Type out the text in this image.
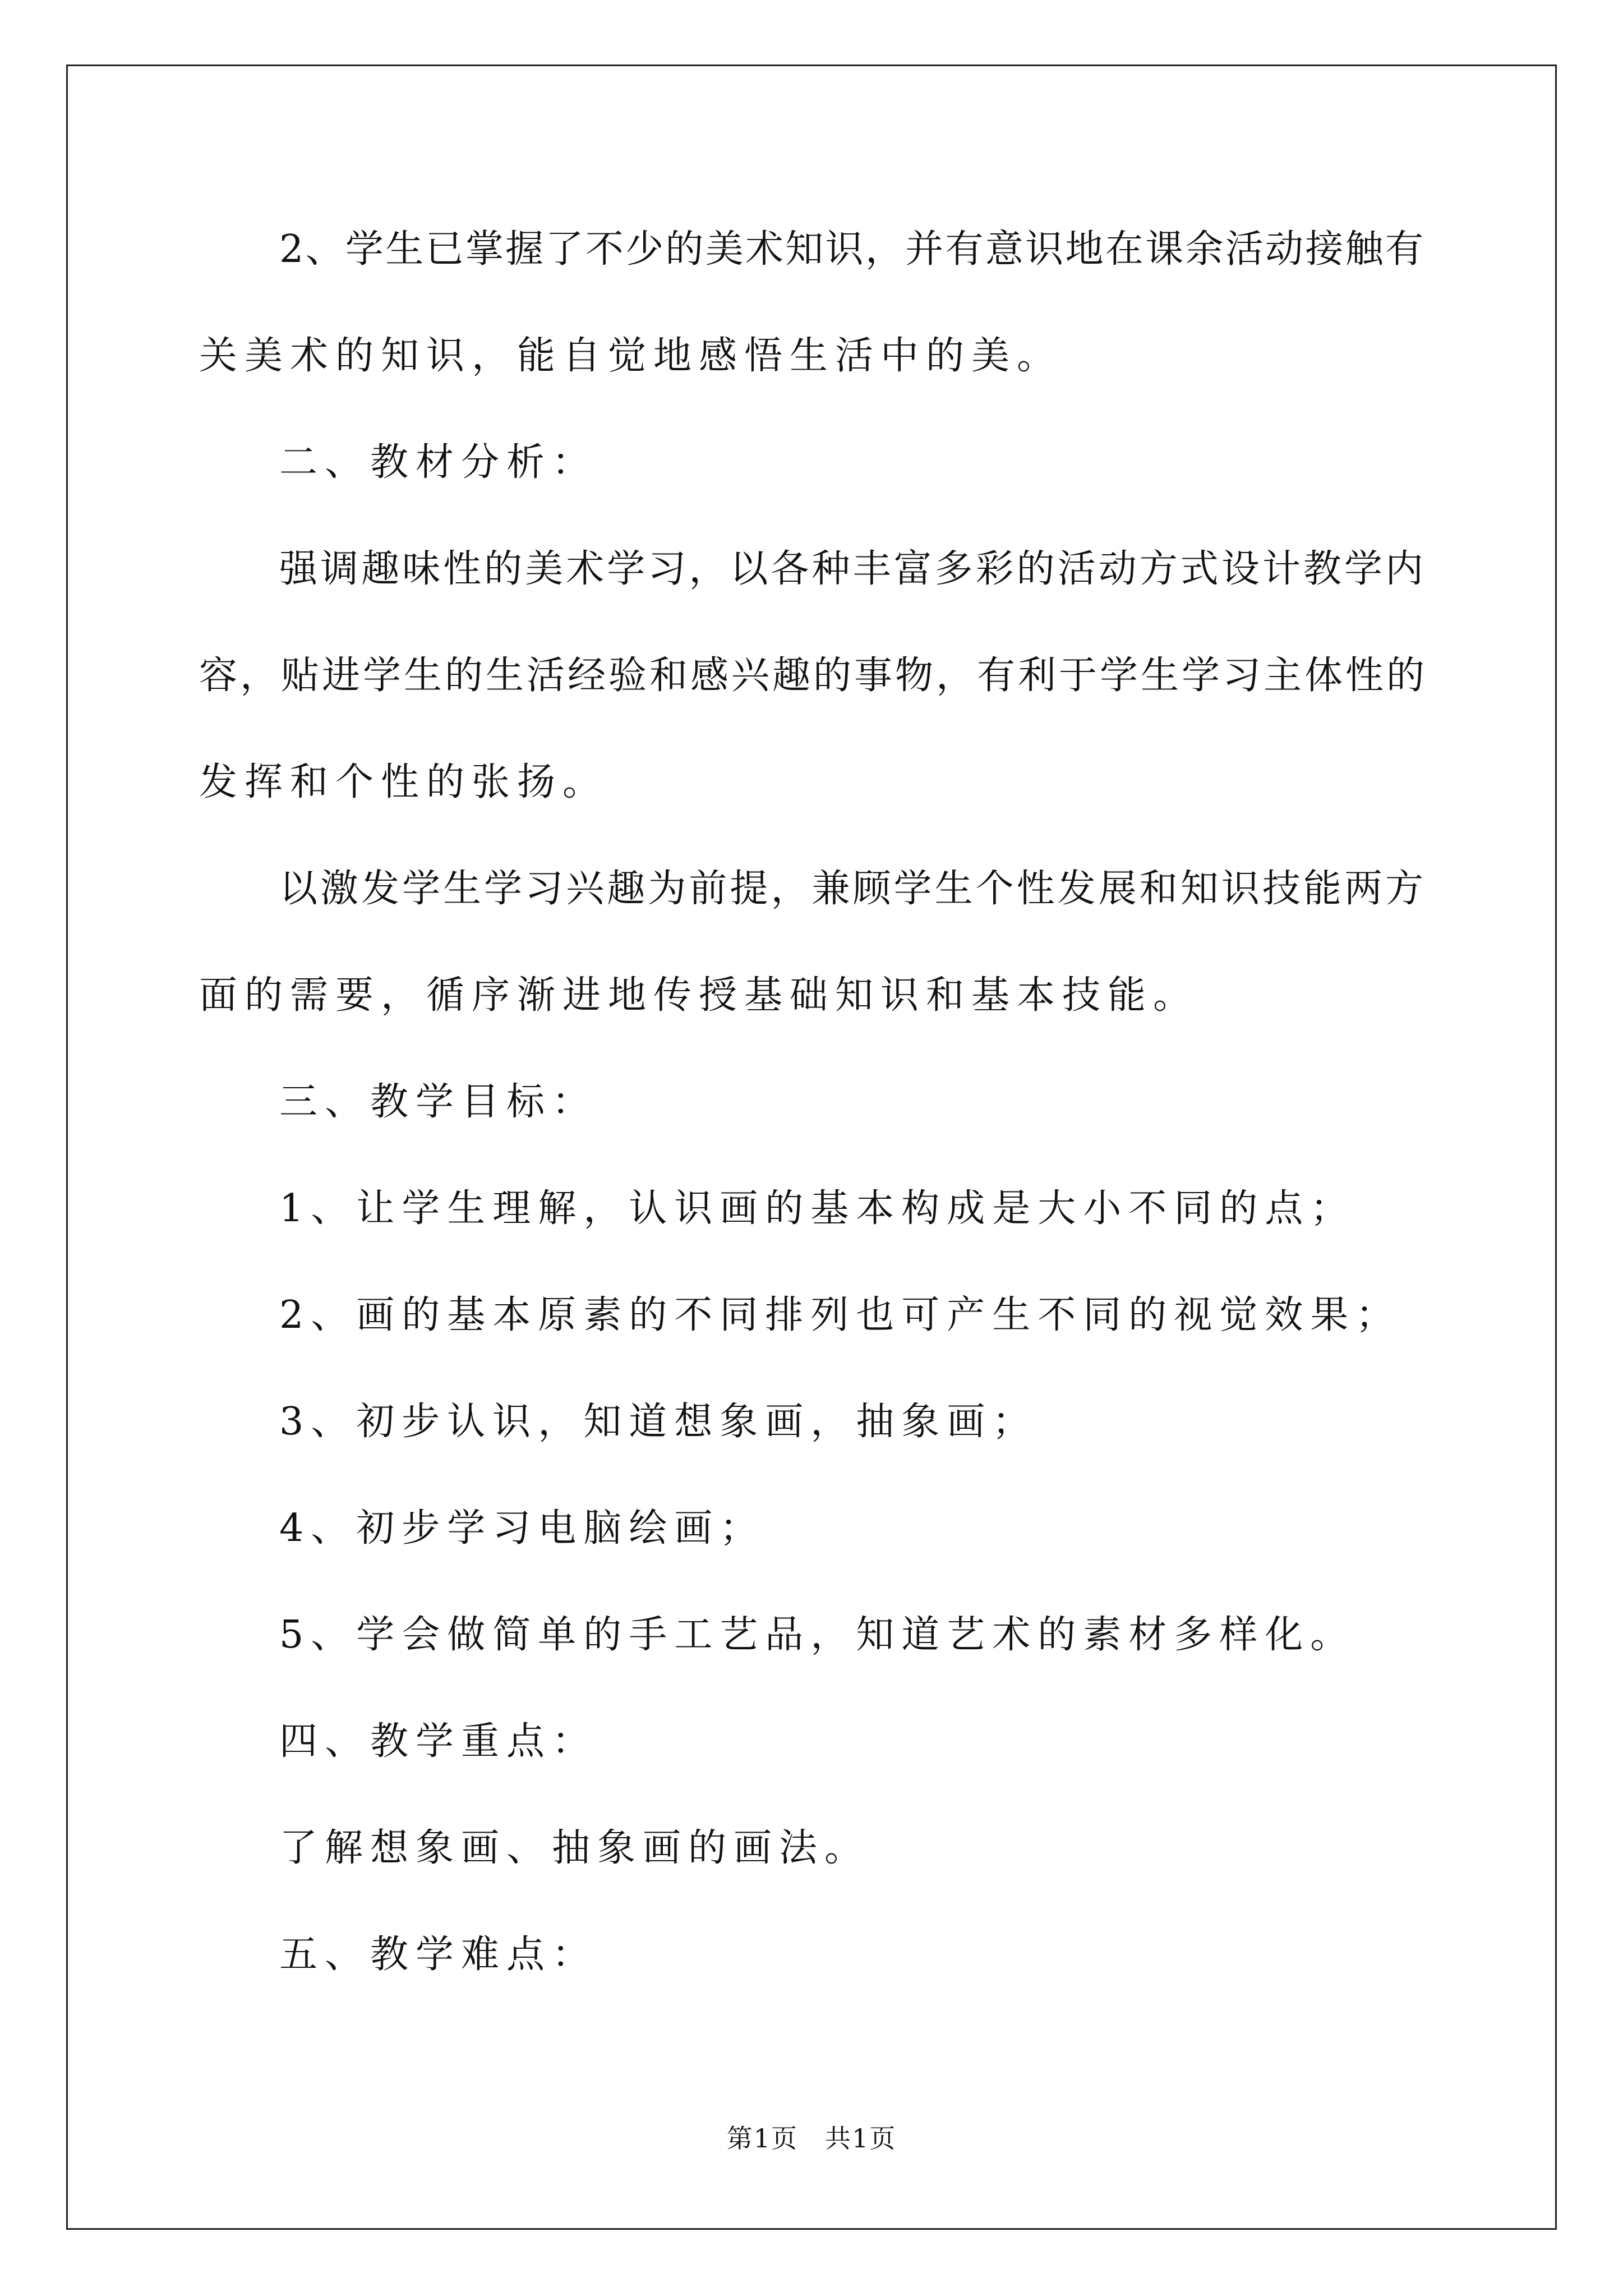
2、学生已掌握了不少的美术知识，并有意识地在课余活动接触有
关美术的知识，能自觉地感悟生活中的美。
二、教材分析：
强调趣味性的美术学习，以各种丰富多彩的活动方式设计教学内
容，贴进学生的生活经验和感兴趣的事物，有利于学生学习主体性的
发挥和个性的张扬。
以激发学生学习兴趣为前提，兼顾学生个性发展和知识技能两方
面的需要，循序渐进地传授基础知识和基本技能。
三、教学目标：
1、让学生理解，认识画的基本构成是大小不同的点；
2、画的基本原素的不同排列也可产生不同的视觉效果；
3、初步认识，知道想象画，抽象画；
4、初步学习电脑绘画；
5、学会做简单的手工艺品，知道艺术的素材多样化。
四、教学重点：
了解想象画、抽象画的画法。
五、教学难点：
第1页　共1页
